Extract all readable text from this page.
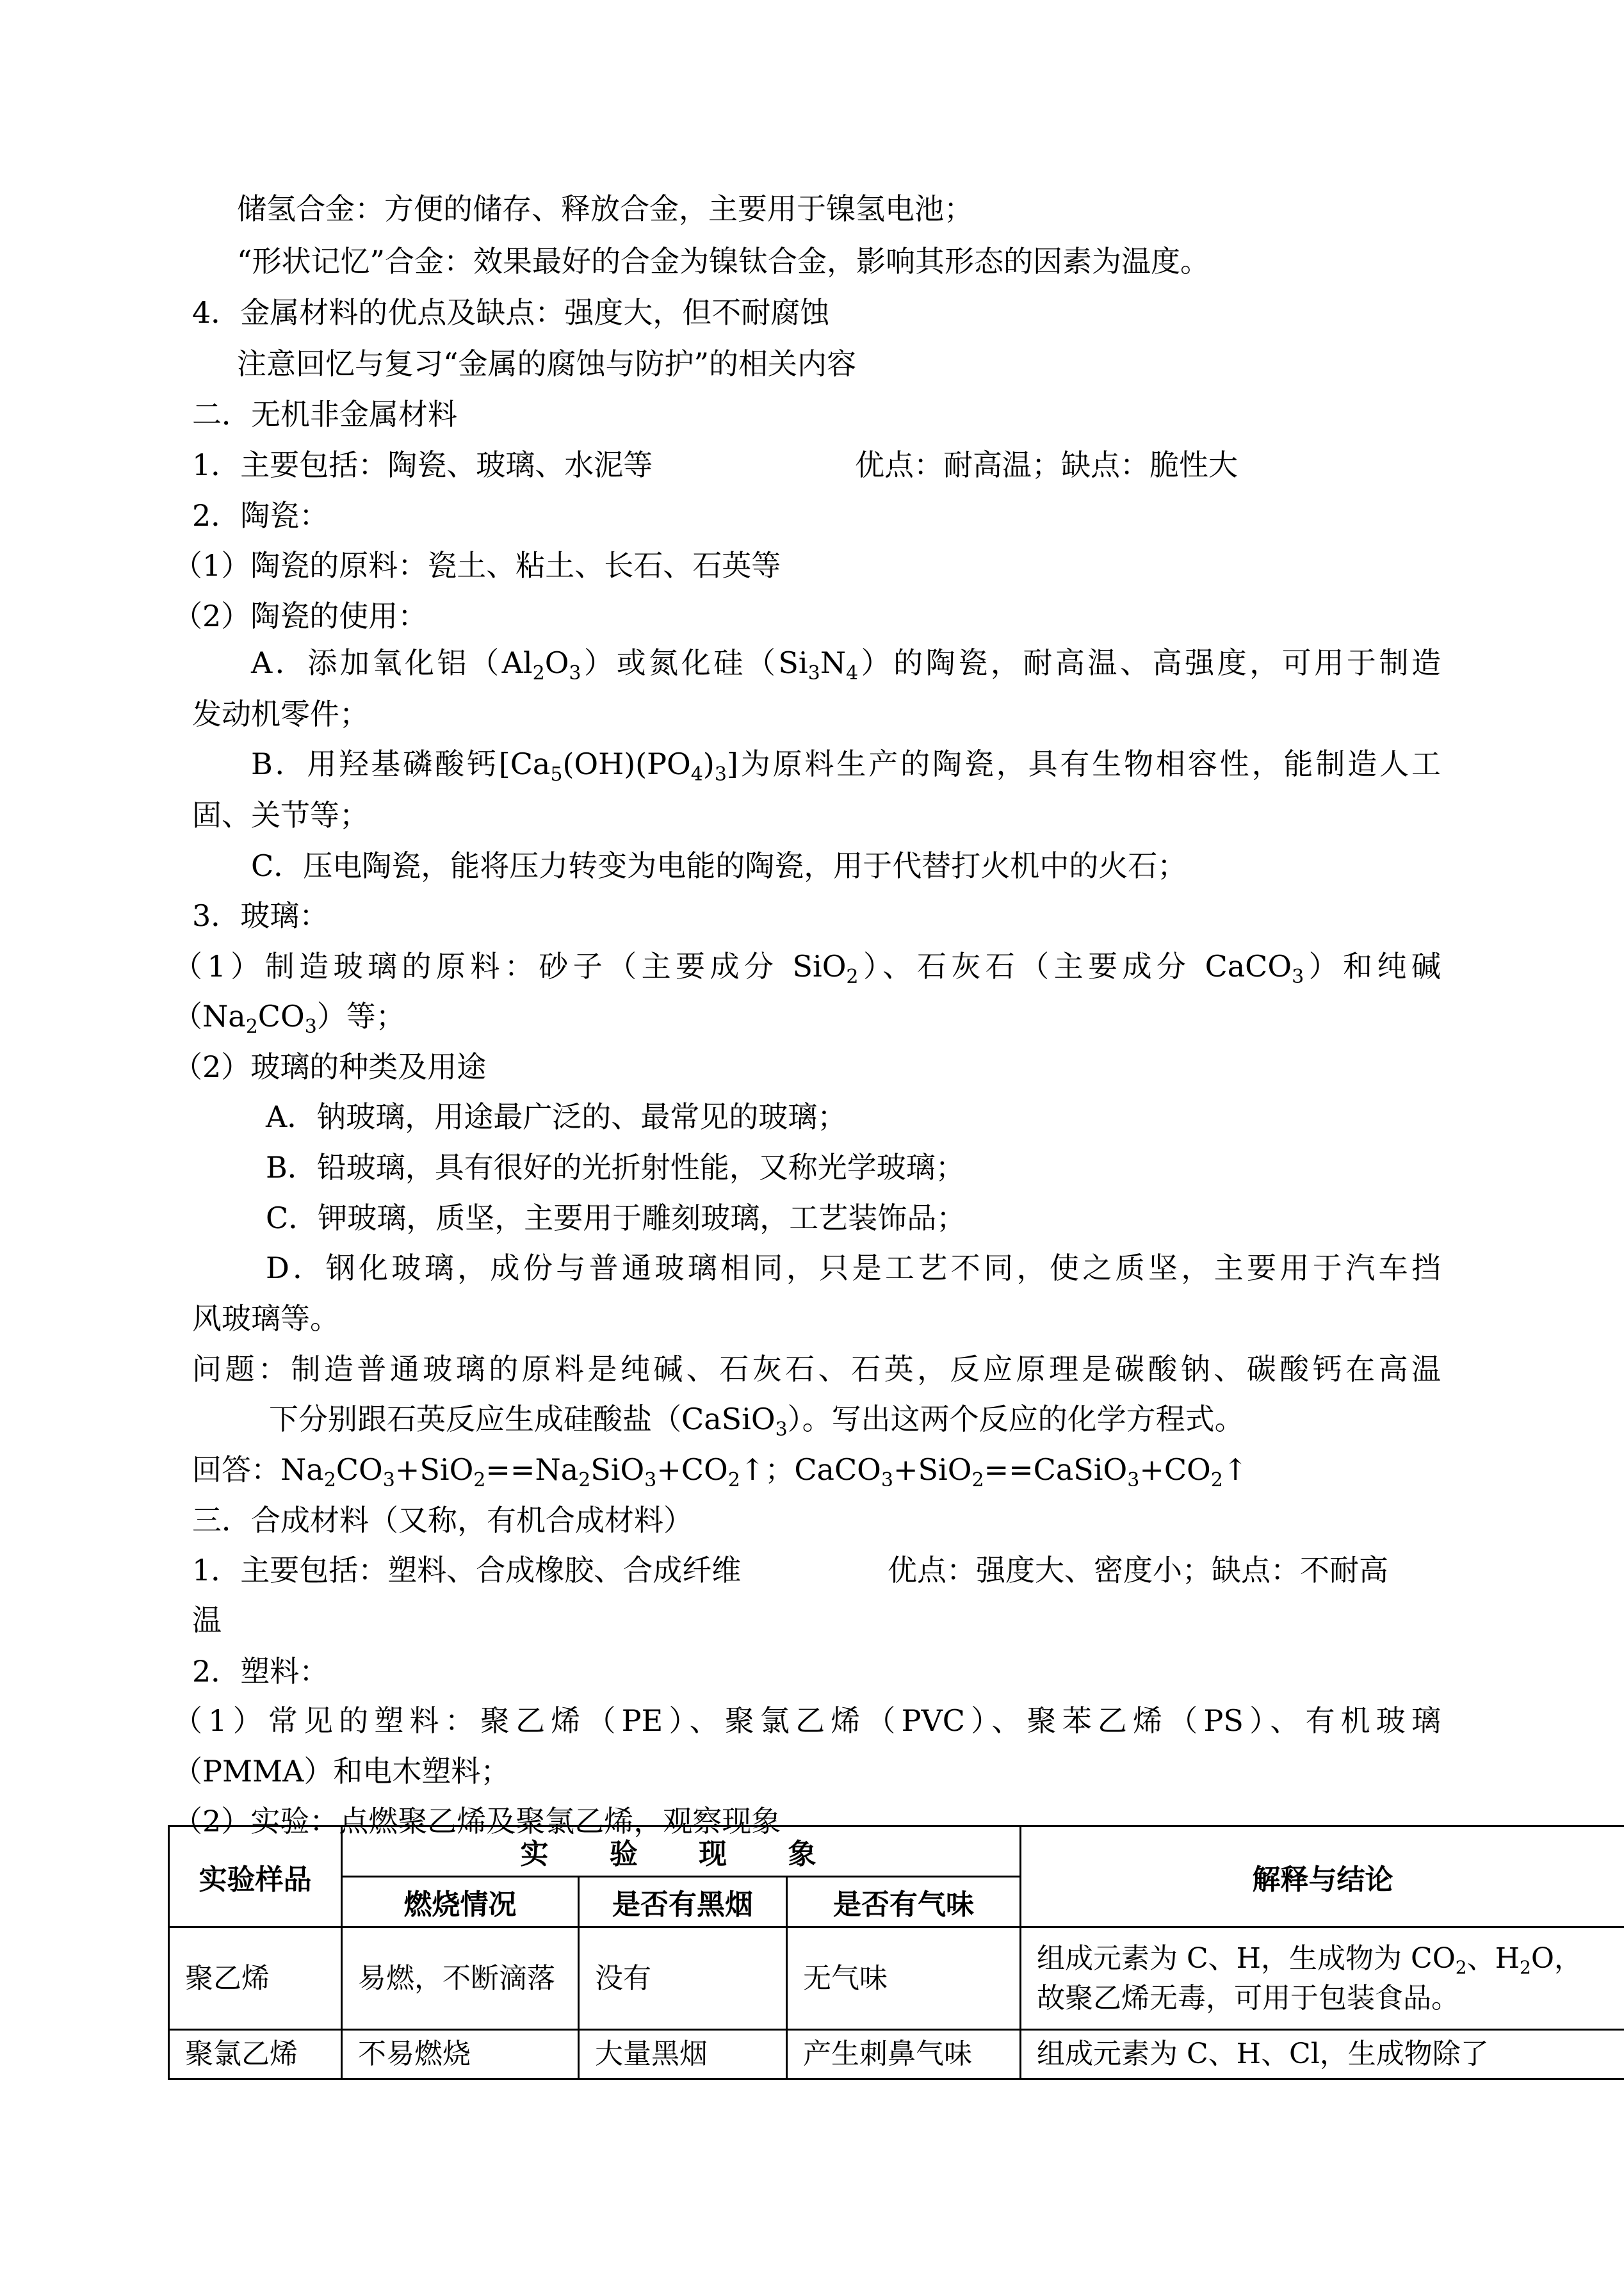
储氢合金：方便的储存、释放合金，主要用于镍氢电池；
“形状记忆”合金：效果最好的合金为镍钛合金，影响其形态的因素为温度。
4．金属材料的优点及缺点：强度大，但不耐腐蚀
注意回忆与复习“金属的腐蚀与防护”的相关内容
二．无机非金属材料
1．主要包括：陶瓷、玻璃、水泥等	优点：耐高温；缺点：脆性大
2．陶瓷：
（1）陶瓷的原料：瓷土、粘土、长石、石英等
（2）陶瓷的使用：
A．添加氧化铝$(Al_2O_3)$或氮化硅$(Si_3N_4)$的陶瓷，耐高温、高强度，可用于制造
发动机零件；
B．用羟基磷酸钙$[Ca_5(OH)(PO_4)_3]$为原料生产的陶瓷，具有生物相容性，能制造人工
固、关节等；
C．压电陶瓷，能将压力转变为电能的陶瓷，用于代替打火机中的火石；
3．玻璃：
（1）制造玻璃的原料：砂子（主要成分 SiO$_2$）、石灰石（主要成分 CaCO$_3$）和纯碱
$(Na_2CO_3)$等；
（2）玻璃的种类及用途
A．钠玻璃，用途最广泛的、最常见的玻璃；
B．铅玻璃，具有很好的光折射性能，又称光学玻璃；
C．钾玻璃，质坚，主要用于雕刻玻璃，工艺装饰品；
D．钢化玻璃，成份与普通玻璃相同，只是工艺不同，使之质坚，主要用于汽车挡
风玻璃等。
问题：制造普通玻璃的原料是纯碱、石灰石、石英，反应原理是碳酸钠、碳酸钙在高温
下分别跟石英反应生成硅酸盐（CaSiO$_3$）。写出这两个反应的化学方程式。
回答：$Na_2CO_3+SiO_2==Na_2SiO_3+CO_2↑$；$CaCO_3+SiO_2==CaSiO_3+CO_2↑$
三．合成材料（又称，有机合成材料）
1．主要包括：塑料、合成橡胶、合成纤维	优点：强度大、密度小；缺点：不耐高
温
2．塑料：
（1）常见的塑料：聚乙烯（PE）、聚氯乙烯（PVC）、聚苯乙烯（PS）、有机玻璃
（PMMA）和电木塑料；
（2）实验：点燃聚乙烯及聚氯乙烯，观察现象
实验样品	实 验 现 象			解释与结论
	燃烧情况	是否有黑烟	是否有气味	
聚乙烯	易燃，不断滴落	没有	无气味	组成元素为 C、H，生成物为 $CO_2$、$H_2O$，故聚乙烯无毒，可用于包装食品。
聚氯乙烯	不易燃烧	大量黑烟	产生刺鼻气味	组成元素为 C、H、Cl，生成物除了
